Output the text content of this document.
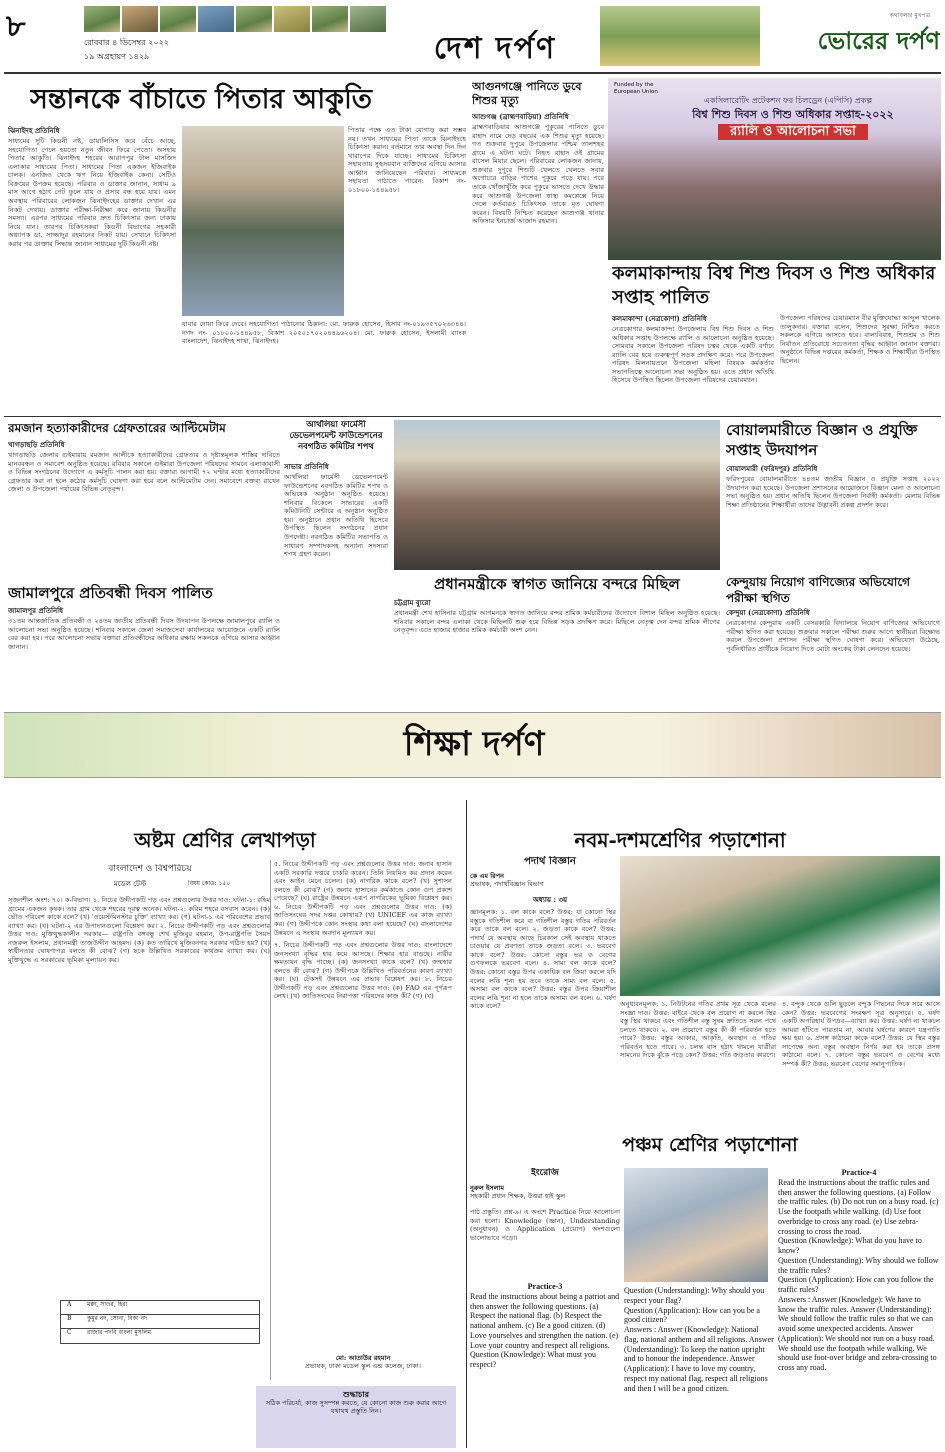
৮	রোববার ৪ ডিসেম্বর ২০২২
১৯ অগ্রহায়ণ ১৪২৯	দেশ দর্পণ
কথাবলার মুখপত্র
ভোরের দর্পণ
সন্তানকে বাঁচাতে পিতার আকুতি
ঝিনাইদহ প্রতিনিধি
সাধ্যমের দুটি কিডনী নষ্ট, ডায়ালিসিস করে বেঁচে আছে, সহযোগিতা পেলে হয়তো নতুন জীবন ফিরে পেতো। অসহায় পিতার আকুতি। ঝিনাইদহ শহরের আরাপপুর টাল মাসজিদ এলাকার সাধ্যমের পিতা। সাধ্যমের পিতা একজন ইজিবাইক চালক। এনজিও থেকে ঋণ নিয়ে ইজিবাইক কেনা। সেটিও বিক্রয়ের উপক্রম হয়েছে। পরিবার ও ডাক্তার জানান, সাধ্যম ৯ মাস আগে হঠাৎ পেট ফুলে যায় ও প্রসাব বন্ধ হয়ে যায়। এমন অবস্থায় পরিবারের লোকজন ঝিনাইদহের ডাক্তার দেখান এর নিকট দেখায়। ডাক্তার পরীক্ষা-নিরীক্ষা করে জানায় কিডনীর সমস্যা। এরপর সাধ্যমের পরিবার দ্রুত চিকিৎসার জন্য ঢাকায় নিয়ে যান। তারপর চিকিৎসকরা কিডনী বিভাগের সহকারী অধ্যাপক ডা. সাজ্জাদুর রহমানের নিকট যায়। সেখানে চিকিৎসা করার পর ডাক্তার সিদ্ধান্ত জানান সাধ্যমের দুটি কিডনী নষ্ট।
পিতার পক্ষে এত টাকা যোগাড় করা সম্ভব নয়। তখন সাধ্যমের পিতা তাকে ঝিনাইদহে চিকিৎসা করান। বর্তমানে তার অবস্থা দিন দিন খারাপের দিকে যাচ্ছে। সাধ্যমের চিকিৎসা সহায়তায় সুহৃদয়বান ব্যক্তিদের এগিয়ে আসার আহ্বান জানিয়েছেন পরিবার। সাধ্যমকে সহায়তা পাঠাতে পারেন: বিকাশ নং- ০১৮০০-১৪৪৯৫৮।
যাবার দোয়া ফিরে দেবে। সহযোগিতা পাঠানোর ঠিকানা: মো. ফারুক হোসেন, হিসাব নং-০১৯৩৫৭০২৬৩৪৪। নগদ নং- ০১৮০০-১৪৪৯৫৮, বিকাশ ২০৫০১৭০২০৪৪৯৬২০৪। মো. ফারুক হোসেন, ইসলামী ব্যাংক বাংলাদেশ, ঝিনাইদহ শাখা, ঝিনাইদহ।
আগুনগঞ্জে পানিতে ডুবে শিশুর মৃত্যু
আশুগঞ্জ (ব্রাহ্মণবাড়িয়া) প্রতিনিধি
ব্রাহ্মণবাড়িয়ার আশুগঞ্জে পুকুরের পানিতে ডুবে রাহাদ নামে দেড় বছরের এক শিশুর মৃত্যু হয়েছে। গত শুক্রবার দুপুরে উপজেলার পশ্চিম তালশহর গ্রামে এ ঘটনা ঘটে। নিহত রাহাদ ওই গ্রামের রাসেল মিয়ার ছেলে। পরিবারের লোকজন জানায়, শুক্রবার দুপুরে শিশুটি খেলতে খেলতে সবার অগোচরে বাড়ির পাশের পুকুরে পড়ে যায়। পরে তাকে খোঁজাখুঁজি করে পুকুরে ভাসতে দেখে উদ্ধার করে আশুগঞ্জ উপজেলা স্বাস্থ্য কমপ্লেক্সে নিয়ে গেলে কর্তব্যরত চিকিৎসক তাকে মৃত ঘোষণা করেন। বিষয়টি নিশ্চিত করেছেন আশুগঞ্জ থানার অফিসার ইনচার্জ আজাদ রহমান।
Funded by the European Union
একসিলারেটিং প্রটেকশন ফর চিলড্রেন (এপিসি) প্রকল্প
বিশ্ব শিশু দিবস ও শিশু অধিকার সপ্তাহ-২০২২
র‍্যালি ও আলোচনা সভা
কলমাকান্দায় বিশ্ব শিশু দিবস ও শিশু অধিকার সপ্তাহ পালিত
কলমাকান্দা (নেত্রকোণা) প্রতিনিধি
নেত্রকোণার কলমাকান্দা উপজেলায় বিশ্ব শিশু দিবস ও শিশু অধিকার সপ্তাহ উপলক্ষে র‍্যালি ও আলোচনা অনুষ্ঠিত হয়েছে। সোমবার সকালে উপজেলা পরিষদ চত্বর থেকে একটি বর্ণাঢ্য র‍্যালি বের হয়ে গুরুত্বপূর্ণ সড়ক প্রদক্ষিণ করে। পরে উপজেলা পরিষদ মিলনায়তনে উপজেলা মহিলা বিষয়ক কর্মকর্তার সভাপতিত্বে আলোচনা সভা অনুষ্ঠিত হয়। এতে প্রধান অতিথি হিসেবে উপস্থিত ছিলেন উপজেলা পরিষদের চেয়ারম্যান।
উপজেলা পরিষদের চেয়ারম্যান বীর মুক্তিযোদ্ধা আব্দুল খালেক তালুকদার। বক্তারা বলেন, শিশুদের সুরক্ষা নিশ্চিত করতে সকলকে এগিয়ে আসতে হবে। বাল্যবিবাহ, শিশুশ্রম ও শিশু নির্যাতন প্রতিরোধে সচেতনতা বৃদ্ধির আহ্বান জানান বক্তারা। অনুষ্ঠানে বিভিন্ন দপ্তরের কর্মকর্তা, শিক্ষক ও শিক্ষার্থীরা উপস্থিত ছিলেন।
রমজান হত্যাকারীদের গ্রেফতারের আল্টিমেটাম
খাগড়াছড়ি প্রতিনিধি
খাগড়াছড়ি জেলার গুইমারায় রমজান আলীকে হত্যাকারীদের গ্রেফতার ও দৃষ্টান্তমূলক শাস্তির দাবিতে মানববন্ধন ও সমাবেশ অনুষ্ঠিত হয়েছে। রবিবার সকালে গুইমারা উপজেলা পরিষদের সামনে এলাকাবাসী ও বিভিন্ন সংগঠনের উদ্যোগে এ কর্মসূচি পালন করা হয়। বক্তারা আগামী ৭২ ঘণ্টার মধ্যে হত্যাকারীদের গ্রেফতার করা না হলে কঠোর কর্মসূচি ঘোষণা করা হবে বলে আল্টিমেটাম দেন। সমাবেশে বক্তব্য রাখেন জেলা ও উপজেলা পর্যায়ের বিভিন্ন নেতৃবৃন্দ।
জামালপুরে প্রতিবন্ধী দিবস পালিত
জামালপুর প্রতিনিধি
৩১তম আন্তর্জাতিক প্রতিবন্ধী ও ২৪তম জাতীয় প্রতিবন্ধী দিবস উদযাপন উপলক্ষে জামালপুরে র‍্যালি ও আলোচনা সভা অনুষ্ঠিত হয়েছে। শনিবার সকালে জেলা সমাজসেবা কার্যালয়ের আয়োজনে একটি র‍্যালি বের করা হয়। পরে আলোচনা সভায় বক্তারা প্রতিবন্ধীদের অধিকার রক্ষায় সকলকে এগিয়ে আসার আহ্বান জানান।
আর্থলিয়া ফার্মেসী ডেভেলপমেন্ট ফাউন্ডেশনের নবগঠিত কমিটির শপথ
সাভার প্রতিনিধি
আর্থলিয়া ফার্মেসী ডেভেলপমেন্ট ফাউন্ডেশনের নবগঠিত কমিটির শপথ ও অভিষেক অনুষ্ঠান অনুষ্ঠিত হয়েছে। শনিবার বিকেলে সাভারের একটি কমিউনিটি সেন্টারে এ অনুষ্ঠান অনুষ্ঠিত হয়। অনুষ্ঠানে প্রধান অতিথি হিসেবে উপস্থিত ছিলেন সংগঠনের প্রধান উপদেষ্টা। নবগঠিত কমিটির সভাপতি ও সাধারণ সম্পাদকসহ অন্যান্য সদস্যরা শপথ গ্রহণ করেন।
প্রধানমন্ত্রীকে স্বাগত জানিয়ে বন্দরে মিছিল
চট্টগ্রাম ব্যুরো
প্রধানমন্ত্রী শেখ হাসিনার চট্টগ্রাম আগমনকে স্বাগত জানিয়ে বন্দর শ্রমিক কর্মচারীদের উদ্যোগে বিশাল মিছিল অনুষ্ঠিত হয়েছে। শনিবার সকালে বন্দর এলাকা থেকে মিছিলটি শুরু হয়ে বিভিন্ন সড়ক প্রদক্ষিণ করে। মিছিলে নেতৃত্ব দেন বন্দর শ্রমিক লীগের নেতৃবৃন্দ। এতে হাজার হাজার শ্রমিক কর্মচারী অংশ নেন।
বোয়ালমারীতে বিজ্ঞান ও প্রযুক্তি সপ্তাহ উদযাপন
বোয়ালমারী (ফরিদপুর) প্রতিনিধি
ফরিদপুরের বোয়ালমারীতে ৪৪তম জাতীয় বিজ্ঞান ও প্রযুক্তি সপ্তাহ ২০২২ উদযাপন করা হয়েছে। উপজেলা প্রশাসনের আয়োজনে বিজ্ঞান মেলা ও আলোচনা সভা অনুষ্ঠিত হয়। প্রধান অতিথি ছিলেন উপজেলা নির্বাহী কর্মকর্তা। মেলায় বিভিন্ন শিক্ষা প্রতিষ্ঠানের শিক্ষার্থীরা তাদের উদ্ভাবনী প্রকল্প প্রদর্শন করে।
কেন্দুয়ায় নিয়োগ বাণিজ্যের অভিযোগে পরীক্ষা স্থগিত
কেন্দুয়া (নেত্রকোণা) প্রতিনিধি
নেত্রকোণার কেন্দুয়ায় একটি বেসরকারি বিদ্যালয়ে নিয়োগ বাণিজ্যের অভিযোগে পরীক্ষা স্থগিত করা হয়েছে। শুক্রবার সকালে পরীক্ষা শুরুর আগে স্থানীয়রা বিক্ষোভ করলে উপজেলা প্রশাসন পরীক্ষা স্থগিত ঘোষণা করে। অভিযোগ উঠেছে, পূর্বনির্ধারিত প্রার্থীকে নিয়োগ দিতে মোটা অংকের টাকা লেনদেন হয়েছে।
শিক্ষা দর্পণ
অষ্টম শ্রেণির লেখাপড়া
বাংলাদেশ ও বিশ্বপরিচয়
মডেল টেস্ট	বিষয় কোড: ১৫০
সৃজনশীল অংশ: ৭০। ক-বিভাগ। ১. নিচের উদ্দীপকটি পড় এবং প্রশ্নগুলোর উত্তর দাও: ঘটনা-১: রহিম গ্রামের একজন কৃষক। তার গ্রাম থেকে শহরের দূরত্ব অনেক। ঘটনা-২: করিম শহরে বসবাস করেন। (ক) ভৌত পরিবেশ কাকে বলে? (খ) 'ওয়েস্টমিনস্টার চুক্তি' ব্যাখ্যা কর। (গ) ঘটনা-১ এর পরিবেশের প্রভাব ব্যাখ্যা কর। (ঘ) ঘটনা-২ এর উপাদানগুলো বিশ্লেষণ কর। ২. নিচের উদ্দীপকটি পড় এবং প্রশ্নগুলোর উত্তর দাও: মুক্তিযুদ্ধকালীন সরকার— রাষ্ট্রপতি বঙ্গবন্ধু শেখ মুজিবুর রহমান, উপ-রাষ্ট্রপতি সৈয়দ নজরুল ইসলাম, প্রধানমন্ত্রী তাজউদ্দীন আহমদ। (ক) কত তারিখে মুজিবনগর সরকার গঠিত হয়? (খ) স্বাধীনতার ঘোষণাপত্র বলতে কী বোঝ? (গ) ছকে উল্লিখিত সরকারের কার্যক্রম ব্যাখ্যা কর। (ঘ) মুক্তিযুদ্ধে এ সরকারের ভূমিকা মূল্যায়ন কর।
A	মক্কা, সাওর, হিরা
B	কুমুর নদ, সোনা, বিকা নদ
C	রাজার পদবি বাংলা মুসলিম
৫. নিচের উদ্দীপকটি পড় এবং প্রশ্নগুলোর উত্তর দাও: জনাব হাসান একটি সরকারি দপ্তরে চাকরি করেন। তিনি নিয়মিত কর প্রদান করেন এবং আইন মেনে চলেন। (ক) নাগরিক কাকে বলে? (খ) সুশাসন বলতে কী বোঝ? (গ) জনাব হাসানের কর্মকাণ্ডে কোন গুণ প্রকাশ পেয়েছে? (ঘ) রাষ্ট্রের উন্নয়নে এরূপ নাগরিকের ভূমিকা বিশ্লেষণ কর। ৬. নিচের উদ্দীপকটি পড় এবং প্রশ্নগুলোর উত্তর দাও: (ক) জাতিসংঘের সদর দপ্তর কোথায়? (খ) UNICEF এর কাজ ব্যাখ্যা কর। (গ) উদ্দীপকে কোন সংস্থার কথা বলা হয়েছে? (ঘ) বাংলাদেশের উন্নয়নে এ সংস্থার অবদান মূল্যায়ন কর।
৭. নিচের উদ্দীপকটি পড় এবং প্রশ্নগুলোর উত্তর দাও: বাংলাদেশে জনসংখ্যা বৃদ্ধির হার কমে আসছে। শিক্ষার হার বাড়ছে। নারীর ক্ষমতায়ন বৃদ্ধি পাচ্ছে। (ক) জনসংখ্যা কাকে বলে? (খ) জন্মহার বলতে কী বোঝ? (গ) উদ্দীপকে উল্লিখিত পরিবর্তনের কারণ ব্যাখ্যা কর। (ঘ) টেকসই উন্নয়নে এর প্রভাব বিশ্লেষণ কর। ৮. নিচের উদ্দীপকটি পড় এবং প্রশ্নগুলোর উত্তর দাও: (ক) FAO এর পূর্ণরূপ লেখ। (খ) জাতিসংঘের নিরাপত্তা পরিষদের কাজ কী? (গ) (ঘ)
মো: আতাউর রহমান
প্রভাষক, ঢাকা মডেল স্কুল এন্ড কলেজ, ঢাকা।
শুদ্ধাচার
সঠিক পরিচর্যা, কাজ সুসম্পন্ন করতে, যে কোনো কাজ শুরু করার আগে যথাযথ প্রস্তুতি নিন।
নবম-দশমশ্রেণির পড়াশোনা
পদার্থ বিজ্ঞান
কে এম রিপন
প্রভাষক, পদার্থবিজ্ঞান বিভাগ
অধ্যায় : ৩য়
জ্ঞানমূলক: ১. বল কাকে বলে? উত্তর: যা কোনো স্থির বস্তুকে গতিশীল করে বা গতিশীল বস্তুর গতির পরিবর্তন করে তাকে বল বলে। ২. জড়তা কাকে বলে? উত্তর: পদার্থ যে অবস্থায় আছে চিরকাল সেই অবস্থায় থাকতে চাওয়ার যে প্রবণতা তাকে জড়তা বলে। ৩. ভরবেগ কাকে বলে? উত্তর: কোনো বস্তুর ভর ও বেগের গুণফলকে ভরবেগ বলে। ৪. সাম্য বল কাকে বলে? উত্তর: কোনো বস্তুর উপর একাধিক বল ক্রিয়া করলে যদি বলের লব্ধি শূন্য হয় তবে তাকে সাম্য বল বলে। ৫. অসাম্য বল কাকে বলে? উত্তর: বস্তুর উপর ক্রিয়াশীল বলের লব্ধি শূন্য না হলে তাকে অসাম্য বল বলে। ৬. ঘর্ষণ কাকে বলে?	অনুধাবনমূলক: ১. নিউটনের গতির প্রথম সূত্র থেকে বলের সংজ্ঞা দাও। উত্তর: বাইরে থেকে বল প্রয়োগ না করলে স্থির বস্তু স্থির থাকবে এবং গতিশীল বস্তু সুষম দ্রুতিতে সরল পথে চলতে থাকবে। ২. বল প্রয়োগে বস্তুর কী কী পরিবর্তন হতে পারে? উত্তর: বস্তুর আকার, আকৃতি, অবস্থান ও গতির পরিবর্তন হতে পারে। ৩. চলন্ত বাস হঠাৎ থামলে যাত্রীরা সামনের দিকে ঝুঁকে পড়ে কেন? উত্তর: গতি জড়তার কারণে।
৪. বন্দুক থেকে গুলি ছুড়লে বন্দুক পিছনের দিকে সরে আসে কেন? উত্তর: ভরবেগের সংরক্ষণ সূত্র অনুসারে। ৫. ঘর্ষণ একটি অপরিহার্য উপদ্রব—ব্যাখ্যা কর। উত্তর: ঘর্ষণ না থাকলে আমরা হাঁটতে পারতাম না, আবার ঘর্ষণের কারণে যন্ত্রপাতি ক্ষয় হয়। ৬. প্রসঙ্গ কাঠামো কাকে বলে? উত্তর: যে স্থির বস্তুর সাপেক্ষে অন্য বস্তুর অবস্থান নির্ণয় করা হয় তাকে প্রসঙ্গ কাঠামো বলে। ৭. কোনো বস্তুর ভরবেগ ও বেগের মধ্যে সম্পর্ক কী? উত্তর: ভরবেগ বেগের সমানুপাতিক।
পঞ্চম শ্রেণির পড়াশোনা
ইংরেজি
নুরুল ইসলাম
সহকারী প্রধান শিক্ষক, উত্তরা হাই স্কুল
পাঠ প্রস্তুতি। প্রশ্ন-৯। এ অংশে Practice নিয়ে আলোচনা করা হলো। Knowledge (জ্ঞান), Understanding (অনুধাবন) ও Application (প্রয়োগ) অংশগুলো ভালোভাবে পড়ো।
Practice-3
Read the instructions about being a patriot and then answer the following questions. (a) Respect the national flag. (b) Respect the national anthem. (c) Be a good citizen. (d) Love yourselves and strengthen the nation. (e) Love your country and respect all religions.
Question (Knowledge): What must you respect?
Question (Understanding): Why should you respect your flag?
Question (Application): How can you be a good citizen?
Answers : Answer (Knowledge): National flag, national anthem and all religions. Answer (Understanding): To keep the nation upright and to honour the independence. Answer (Application): I have to love my country, respect my national flag, respect all religions and then I will be a good citizen.
Practice-4
Read the instructions about the traffic rules and then answer the following questions. (a) Follow the traffic rules. (b) Do not run on a busy road. (c) Use the footpath while walking. (d) Use foot overbridge to cross any road. (e) Use zebra-crossing to cross the road.
Question (Knowledge): What do you have to know?
Question (Understanding): Why should we follow the traffic rules?
Question (Application): How can you follow the traffic rules?
Answers : Answer (Knowledge): We have to know the traffic rules. Answer (Understanding): We should follow the traffic rules so that we can avoid some unexpected accidents. Answer (Application): We should not run on a busy road. We should use the footpath while walking. We should use foot-over bridge and zebra-crossing to cross any road.
